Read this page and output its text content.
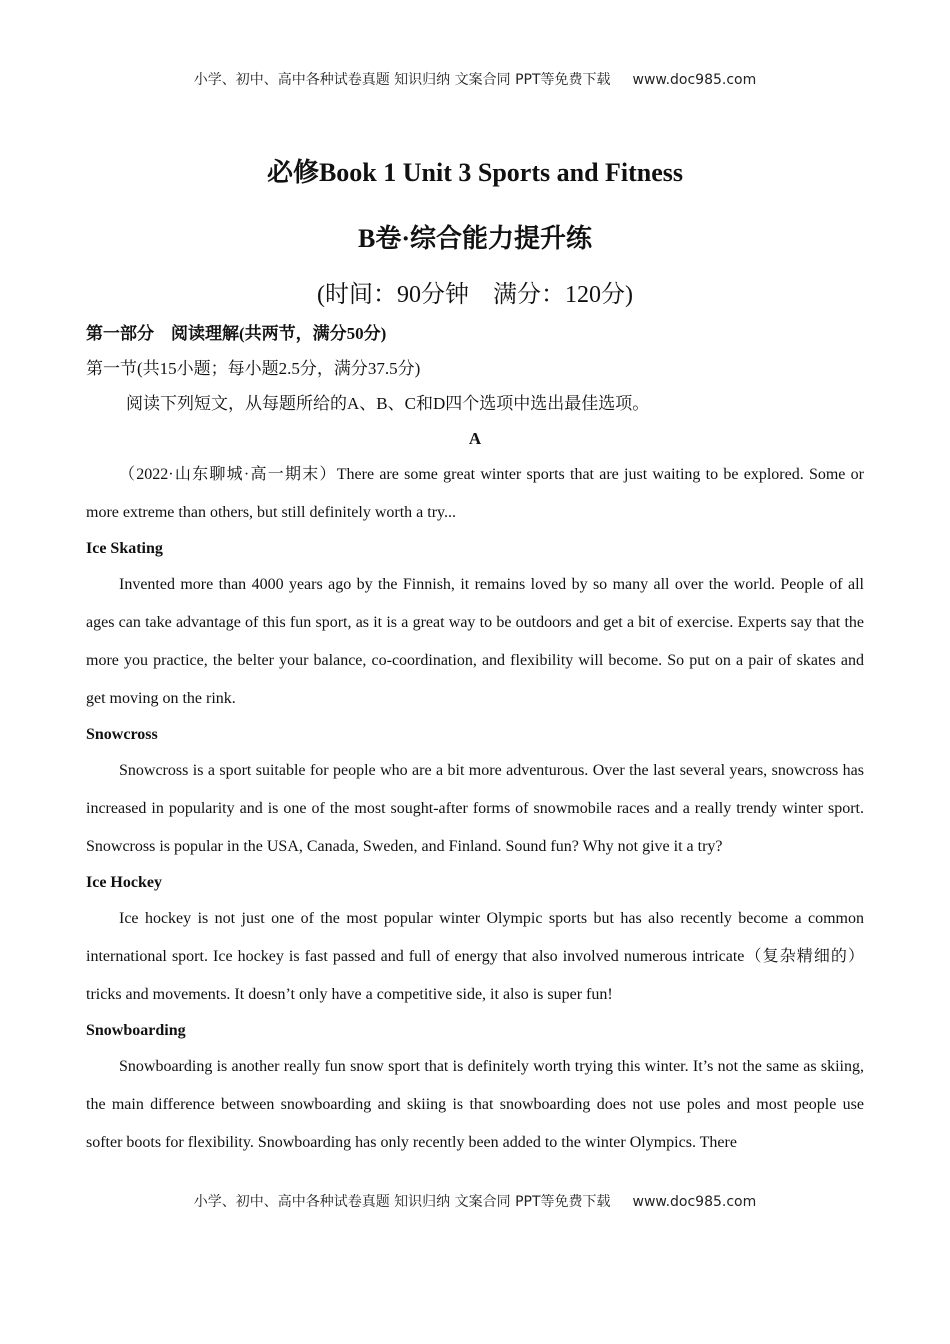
小学、初中、高中各种试卷真题 知识归纳 文案合同 PPT等免费下载 www.doc985.com
必修Book 1 Unit 3 Sports and Fitness
B卷·综合能力提升练
(时间：90分钟　满分：120分)

第一部分　阅读理解(共两节，满分50分)

第一节(共15小题；每小题2.5分，满分37.5分)

阅读下列短文，从每题所给的A、B、C和D四个选项中选出最佳选项。

A

（2022·山东聊城·高一期末）There are some great winter sports that are just waiting to be explored. Some or more extreme than others, but still definitely worth a try...

Ice Skating

Invented more than 4000 years ago by the Finnish, it remains loved by so many all over the world. People of all ages can take advantage of this fun sport, as it is a great way to be outdoors and get a bit of exercise. Experts say that the more you practice, the belter your balance, co-coordination, and flexibility will become. So put on a pair of skates and get moving on the rink.

Snowcross

Snowcross is a sport suitable for people who are a bit more adventurous. Over the last several years, snowcross has increased in popularity and is one of the most sought-after forms of snowmobile races and a really trendy winter sport. Snowcross is popular in the USA, Canada, Sweden, and Finland. Sound fun? Why not give it a try?

Ice Hockey

Ice hockey is not just one of the most popular winter Olympic sports but has also recently become a common international sport. Ice hockey is fast passed and full of energy that also involved numerous intricate（复杂精细的）tricks and movements. It doesn’t only have a competitive side, it also is super fun!

Snowboarding

Snowboarding is another really fun snow sport that is definitely worth trying this winter. It’s not the same as skiing, the main difference between snowboarding and skiing is that snowboarding does not use poles and most people use softer boots for flexibility. Snowboarding has only recently been added to the winter Olympics. There

小学、初中、高中各种试卷真题 知识归纳 文案合同 PPT等免费下载 www.doc985.com
